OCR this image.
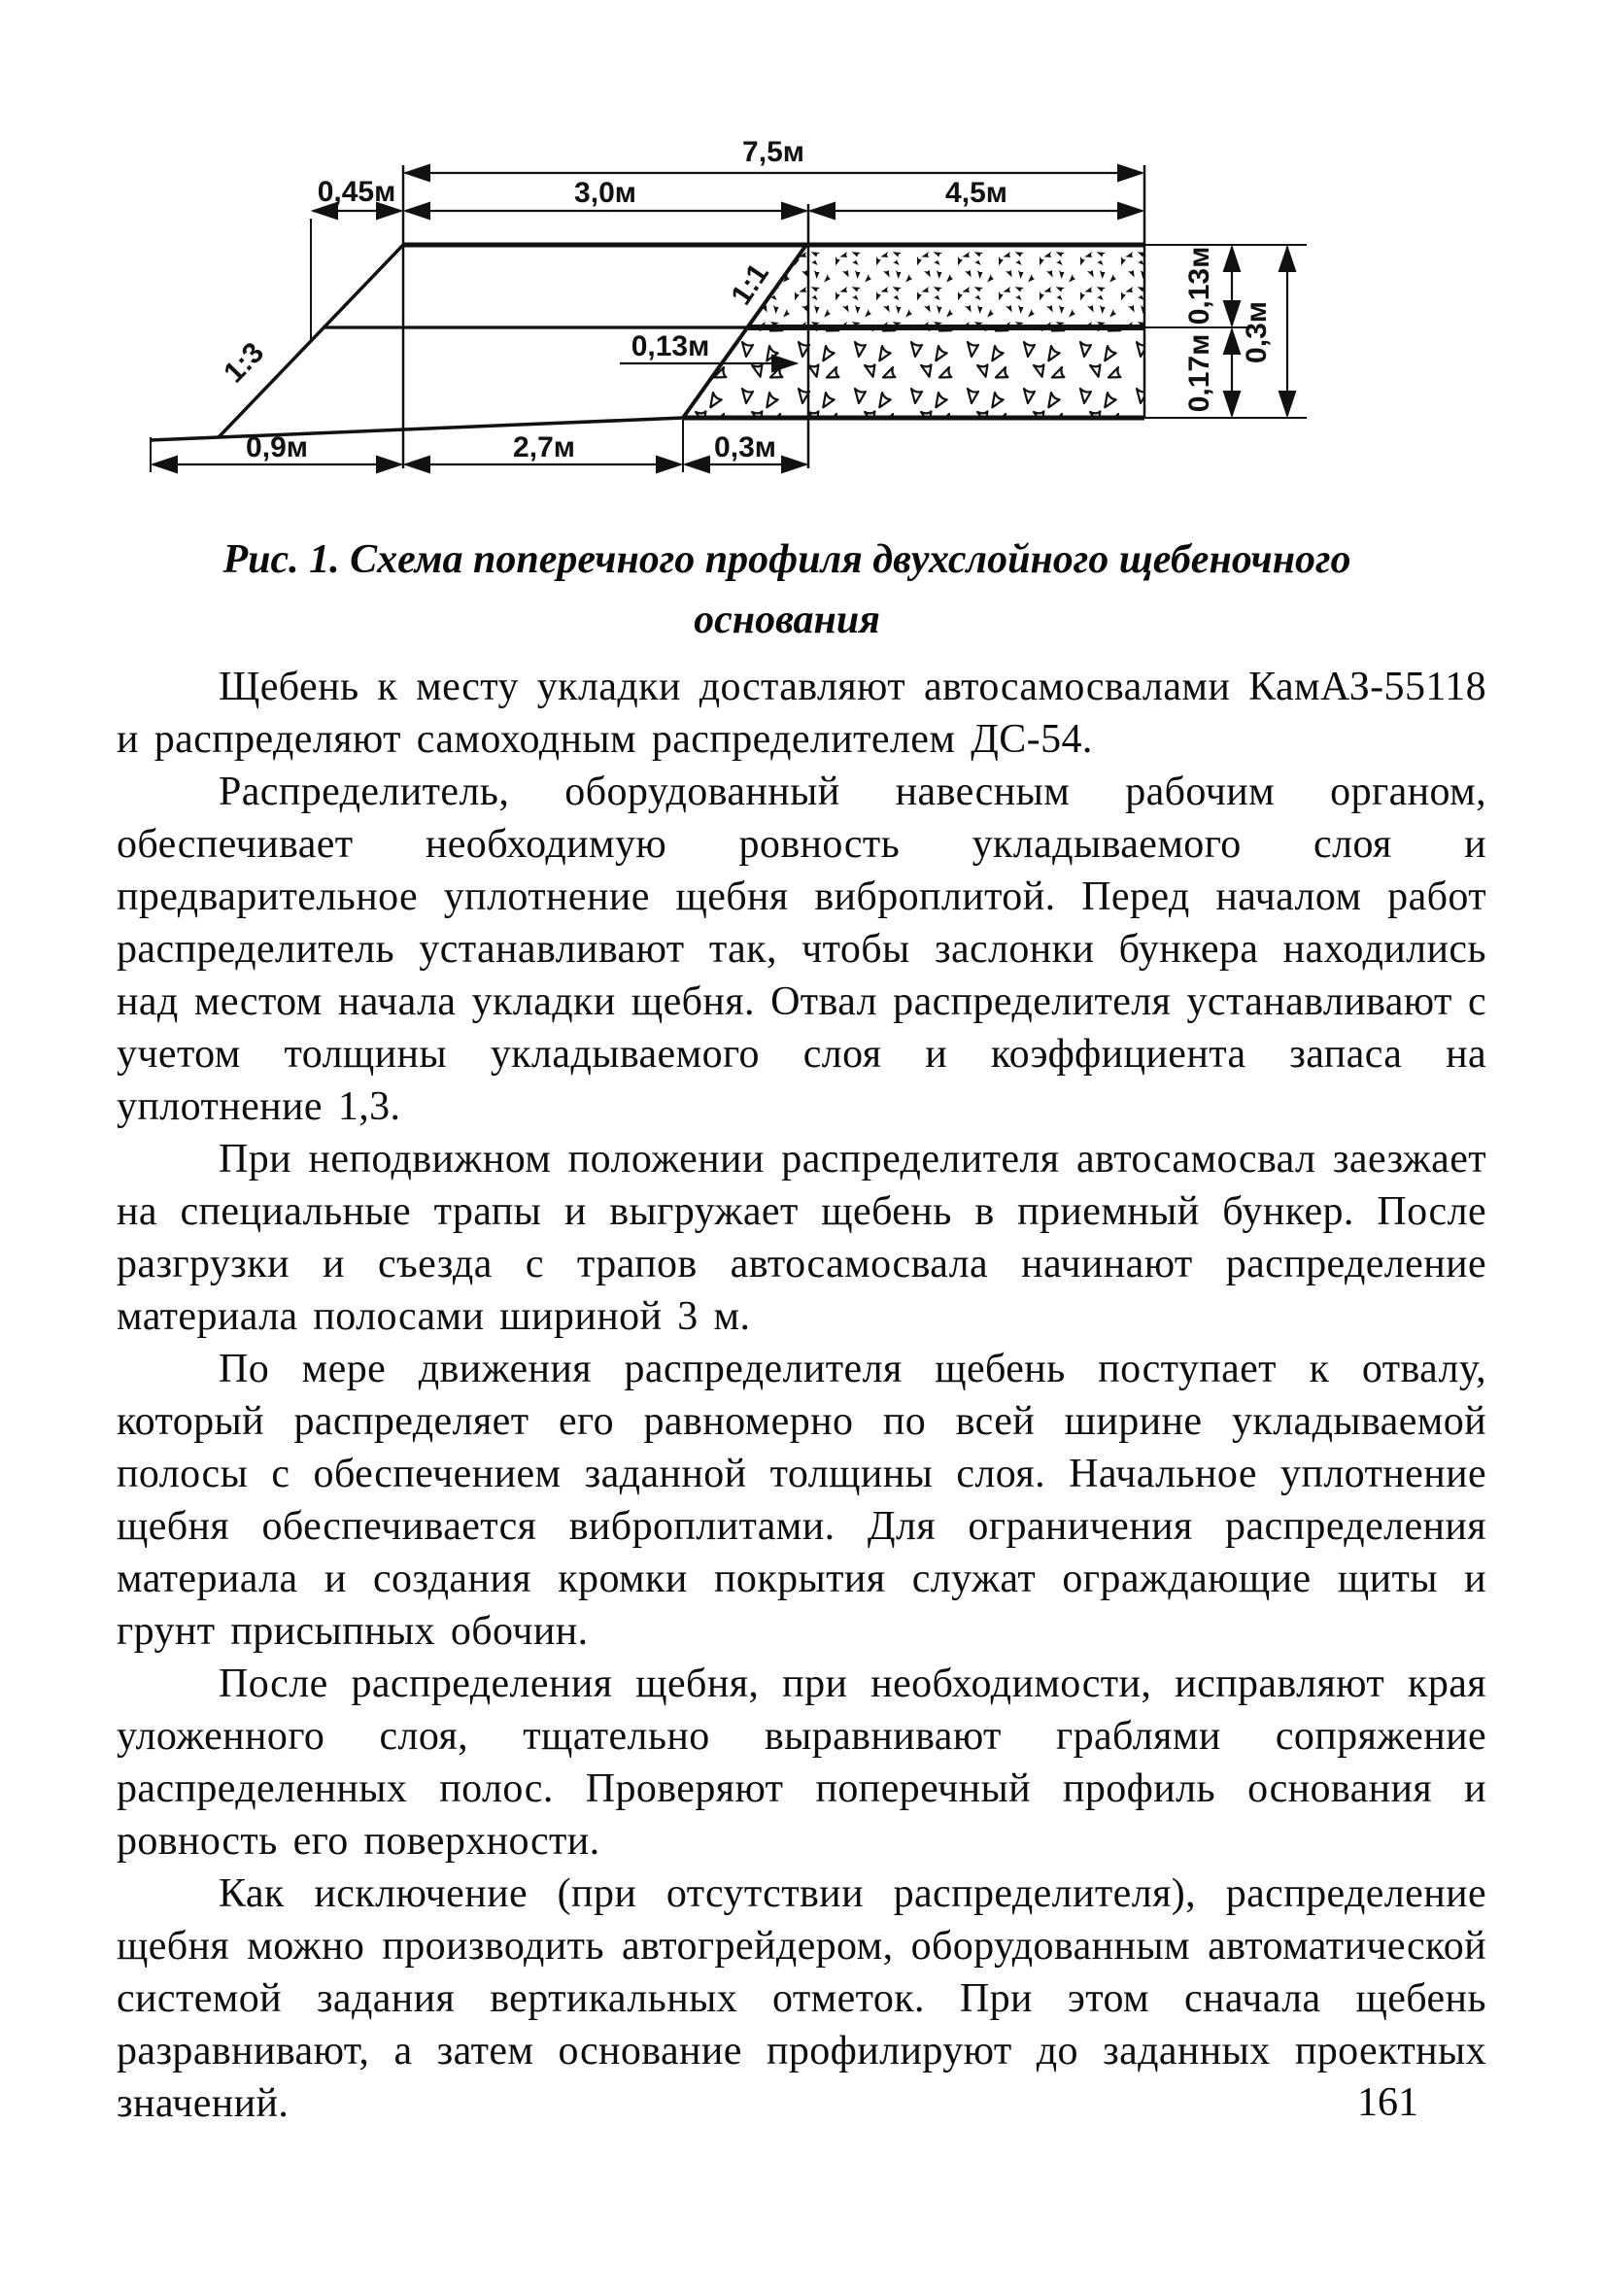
7,5м
0,45м	3,0м	4,5м
1:3
1:1
0,13м
0,13м
0,17м
0,3м
0,9м	2,7м	0,3м
Рис. 1. Схема поперечного профиля двухслойного щебеночного
основания

Щебень к месту укладки доставляют автосамосвалами КамАЗ-55118 и распределяют самоходным распределителем ДС-54.

Распределитель, оборудованный навесным рабочим органом, обеспечивает необходимую ровность укладываемого слоя и предварительное уплотнение щебня виброплитой. Перед началом работ распределитель устанавливают так, чтобы заслонки бункера находились над местом начала укладки щебня. Отвал распределителя устанавливают с учетом толщины укладываемого слоя и коэффициента запаса на уплотнение 1,3.

При неподвижном положении распределителя автосамосвал заезжает на специальные трапы и выгружает щебень в приемный бункер. После разгрузки и съезда с трапов автосамосвала начинают распределение материала полосами шириной 3 м.

По мере движения распределителя щебень поступает к отвалу, который распределяет его равномерно по всей ширине укладываемой полосы с обеспечением заданной толщины слоя. Начальное уплотнение щебня обеспечивается виброплитами. Для ограничения распределения материала и создания кромки покрытия служат ограждающие щиты и грунт присыпных обочин.

После распределения щебня, при необходимости, исправляют края уложенного слоя, тщательно выравнивают граблями сопряжение распределенных полос. Проверяют поперечный профиль основания и ровность его поверхности.

Как исключение (при отсутствии распределителя), распределение щебня можно производить автогрейдером, оборудованным автоматической системой задания вертикальных отметок. При этом сначала щебень разравнивают, а затем основание профилируют до заданных проектных значений.	161
